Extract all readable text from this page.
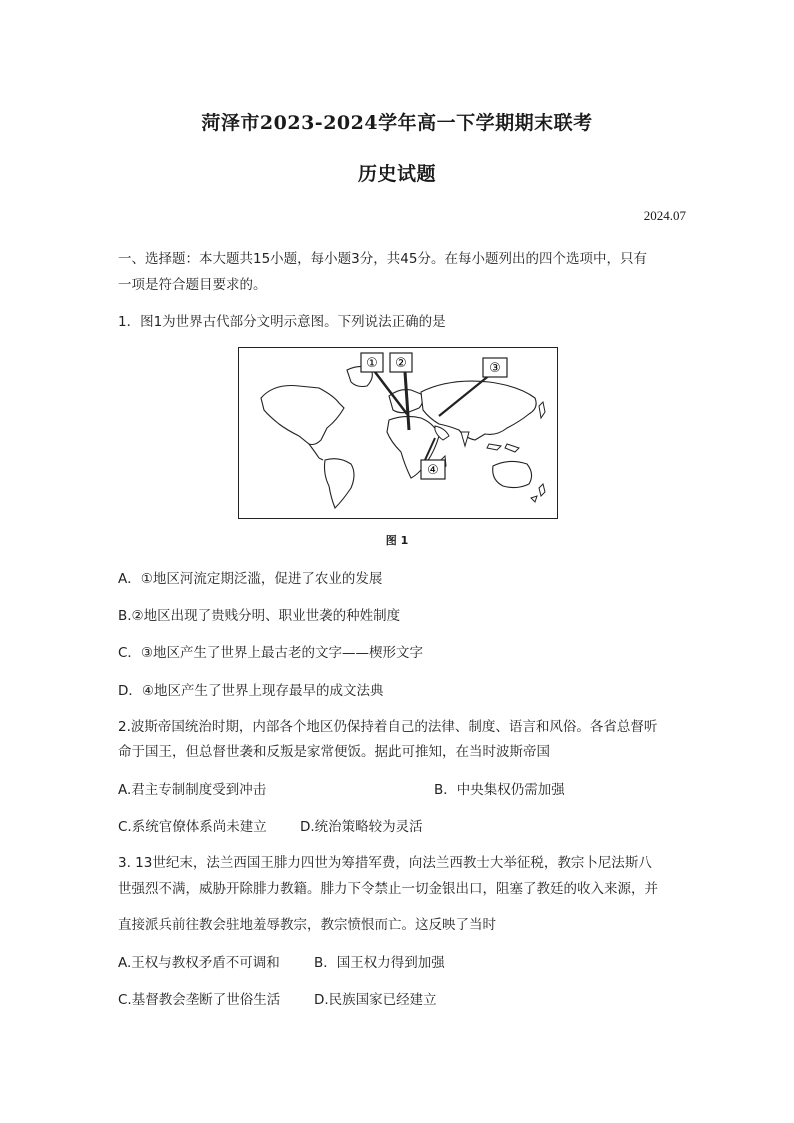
菏泽市2023-2024学年高一下学期期末联考
历史试题
2024.07
一、选择题：本大题共15小题，每小题3分，共45分。在每小题列出的四个选项中，只有
一项是符合题目要求的。
1．图1为世界古代部分文明示意图。下列说法正确的是
① ②	③
④
图 1
A．①地区河流定期泛滥，促进了农业的发展
B.②地区出现了贵贱分明、职业世袭的种姓制度
C．③地区产生了世界上最古老的文字——楔形文字
D．④地区产生了世界上现存最早的成文法典
2.波斯帝国统治时期，内部各个地区仍保持着自己的法律、制度、语言和风俗。各省总督听
命于国王，但总督世袭和反叛是家常便饭。据此可推知，在当时波斯帝国
A.君主专制制度受到冲击	B．中央集权仍需加强
C.系统官僚体系尚未建立 D.统治策略较为灵活
3. 13世纪末，法兰西国王腓力四世为筹措军费，向法兰西教士大举征税，教宗卜尼法斯八
世强烈不满，威胁开除腓力教籍。腓力下令禁止一切金银出口，阻塞了教廷的收入来源，并
直接派兵前往教会驻地羞辱教宗，教宗愤恨而亡。这反映了当时
A.王权与教权矛盾不可调和	B．国王权力得到加强
C.基督教会垄断了世俗生活	D.民族国家已经建立
